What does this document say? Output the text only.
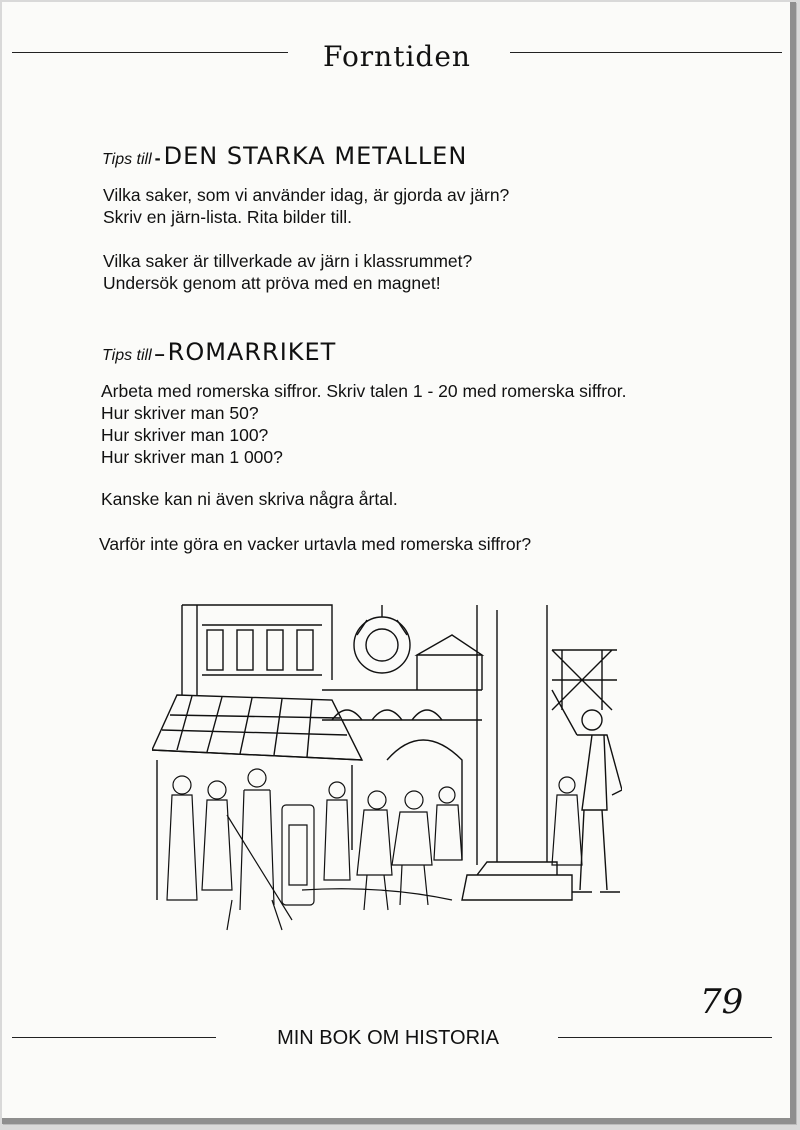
Forntiden
Tips till - DEN STARKA METALLEN
Vilka saker, som vi använder idag, är gjorda av järn?
Skriv en järn-lista. Rita bilder till.
Vilka saker är tillverkade av järn i klassrummet?
Undersök genom att pröva med en magnet!
Tips till – ROMARRIKET
Arbeta med romerska siffror. Skriv talen 1 - 20 med romerska siffror.
Hur skriver man 50?
Hur skriver man 100?
Hur skriver man 1 000?
Kanske kan ni även skriva några årtal.
Varför inte göra en vacker urtavla med romerska siffror?
79
MIN BOK OM HISTORIA
